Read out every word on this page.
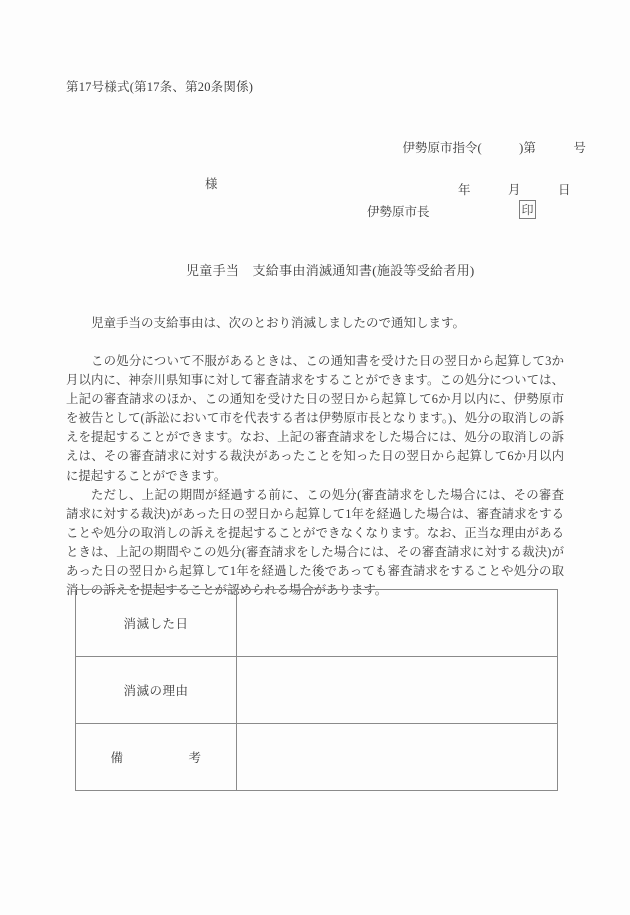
第17号様式(第17条、第20条関係)

伊勢原市指令(　　　)第　　　号

年　　　月　　　日

様
伊勢原市長	印
児童手当　支給事由消滅通知書(施設等受給者用)
児童手当の支給事由は、次のとおり消滅しましたので通知します。

この処分について不服があるときは、この通知書を受けた日の翌日から起算して3か月以内に、神奈川県知事に対して審査請求をすることができます。この処分については、上記の審査請求のほか、この通知を受けた日の翌日から起算して6か月以内に、伊勢原市を被告として(訴訟において市を代表する者は伊勢原市長となります。)、処分の取消しの訴えを提起することができます。なお、上記の審査請求をした場合には、処分の取消しの訴えは、その審査請求に対する裁決があったことを知った日の翌日から起算して6か月以内に提起することができます。

ただし、上記の期間が経過する前に、この処分(審査請求をした場合には、その審査請求に対する裁決)があった日の翌日から起算して1年を経過した場合は、審査請求をすることや処分の取消しの訴えを提起することができなくなります。なお、正当な理由があるときは、上記の期間やこの処分(審査請求をした場合には、その審査請求に対する裁決)があった日の翌日から起算して1年を経過した後であっても審査請求をすることや処分の取消しの訴えを提起することが認められる場合があります。

消滅した日	
消滅の理由	
備　　　　　考	
